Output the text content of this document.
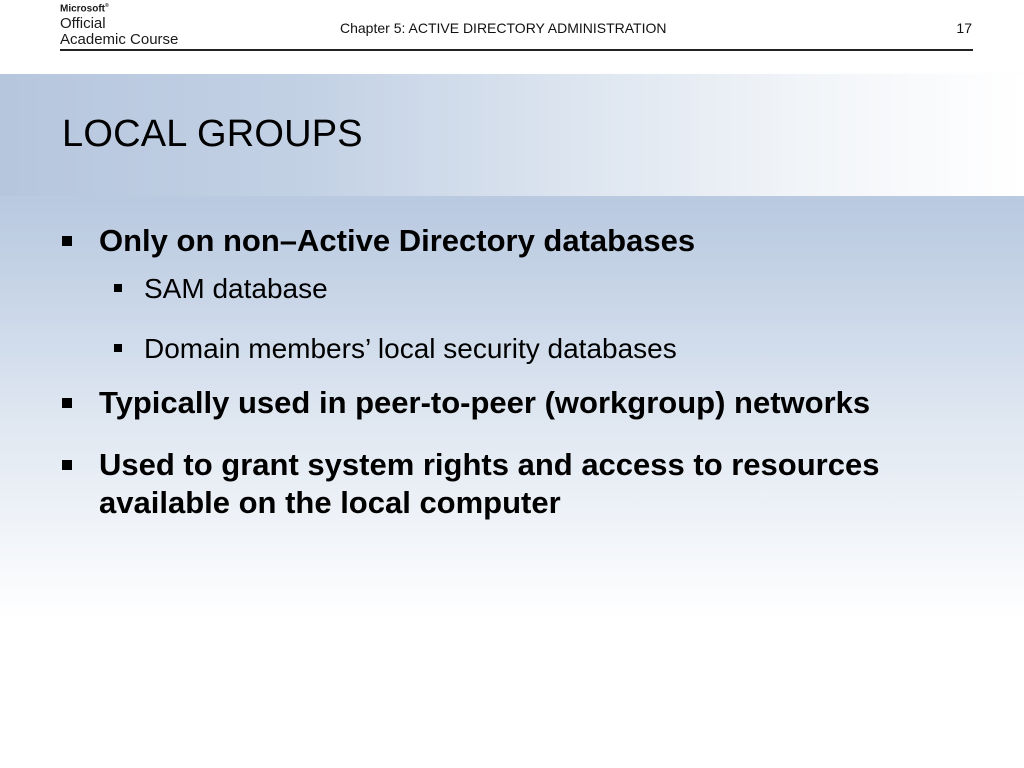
Microsoft®
Official
Academic Course
Chapter 5: ACTIVE DIRECTORY ADMINISTRATION	17
LOCAL GROUPS
Only on non–Active Directory databases
SAM database
Domain members’ local security databases
Typically used in peer-to-peer (workgroup) networks
Used to grant system rights and access to resources available on the local computer
